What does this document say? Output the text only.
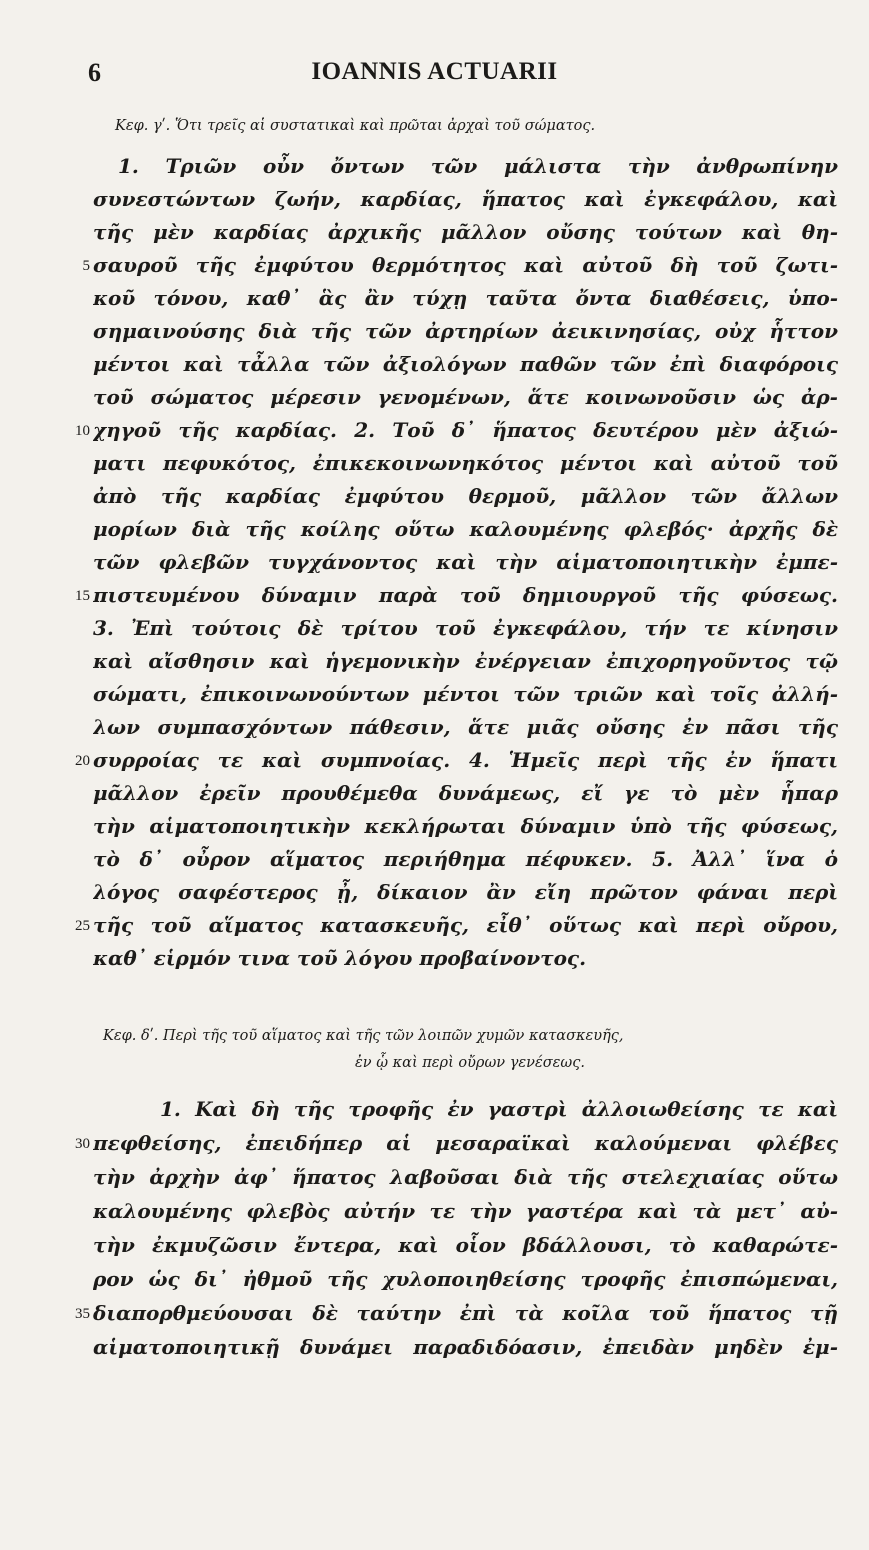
6	IOANNIS ACTUARII
Κεφ. γʹ. Ὅτι τρεῖς αἱ συστατικαὶ καὶ πρῶται ἀρχαὶ τοῦ σώματος.
1. Τριῶν οὖν ὄντων τῶν μάλιστα τὴν ἀνθρωπίνην
συνεστώντων ζωήν, καρδίας, ἥπατος καὶ ἐγκεφάλου, καὶ
τῆς μὲν καρδίας ἀρχικῆς μᾶλλον οὔσης τούτων καὶ θη-
5 σαυροῦ τῆς ἐμφύτου θερμότητος καὶ αὐτοῦ δὴ τοῦ ζωτι-
κοῦ τόνου, καθ᾽ ἃς ἂν τύχῃ ταῦτα ὄντα διαθέσεις, ὑπο-
σημαινούσης διὰ τῆς τῶν ἀρτηρίων ἀεικινησίας, οὐχ ἧττον
μέντοι καὶ τἆλλα τῶν ἀξιολόγων παθῶν τῶν ἐπὶ διαφόροις
τοῦ σώματος μέρεσιν γενομένων, ἅτε κοινωνοῦσιν ὡς ἀρ-
10 χηγοῦ τῆς καρδίας. 2. Τοῦ δ᾽ ἥπατος δευτέρου μὲν ἀξιώ-
ματι πεφυκότος, ἐπικεκοινωνηκότος μέντοι καὶ αὐτοῦ τοῦ
ἀπὸ τῆς καρδίας ἐμφύτου θερμοῦ, μᾶλλον τῶν ἄλλων
μορίων διὰ τῆς κοίλης οὕτω καλουμένης φλεβός· ἀρχῆς δὲ
τῶν φλεβῶν τυγχάνοντος καὶ τὴν αἱματοποιητικὴν ἐμπε-
15 πιστευμένου δύναμιν παρὰ τοῦ δημιουργοῦ τῆς φύσεως.
3. Ἐπὶ τούτοις δὲ τρίτου τοῦ ἐγκεφάλου, τήν τε κίνησιν
καὶ αἴσθησιν καὶ ἡγεμονικὴν ἐνέργειαν ἐπιχορηγοῦντος τῷ
σώματι, ἐπικοινωνούντων μέντοι τῶν τριῶν καὶ τοῖς ἀλλή-
λων συμπασχόντων πάθεσιν, ἅτε μιᾶς οὔσης ἐν πᾶσι τῆς
20 συρροίας τε καὶ συμπνοίας. 4. Ἡμεῖς περὶ τῆς ἐν ἥπατι
μᾶλλον ἐρεῖν προυθέμεθα δυνάμεως, εἴ γε τὸ μὲν ἧπαρ
τὴν αἱματοποιητικὴν κεκλήρωται δύναμιν ὑπὸ τῆς φύσεως,
τὸ δ᾽ οὖρον αἵματος περιήθημα πέφυκεν. 5. Ἀλλ᾽ ἵνα ὁ
λόγος σαφέστερος ᾖ, δίκαιον ἂν εἴη πρῶτον φάναι περὶ
25 τῆς τοῦ αἵματος κατασκευῆς, εἶθ᾽ οὕτως καὶ περὶ οὔρου,
καθ᾽ εἱρμόν τινα τοῦ λόγου προβαίνοντος.
Κεφ. δʹ. Περὶ τῆς τοῦ αἵματος καὶ τῆς τῶν λοιπῶν χυμῶν κατασκευῆς,
ἐν ᾧ καὶ περὶ οὔρων γενέσεως.
1. Καὶ δὴ τῆς τροφῆς ἐν γαστρὶ ἀλλοιωθείσης τε καὶ
30 πεφθείσης, ἐπειδήπερ αἱ μεσαραϊκαὶ καλούμεναι φλέβες
τὴν ἀρχὴν ἀφ᾽ ἥπατος λαβοῦσαι διὰ τῆς στελεχιαίας οὕτω
καλουμένης φλεβὸς αὐτήν τε τὴν γαστέρα καὶ τὰ μετ᾽ αὐ-
τὴν ἐκμυζῶσιν ἔντερα, καὶ οἷον βδάλλουσι, τὸ καθαρώτε-
ρον ὡς δι᾽ ἠθμοῦ τῆς χυλοποιηθείσης τροφῆς ἐπισπώμεναι,
35 διαπορθμεύουσαι δὲ ταύτην ἐπὶ τὰ κοῖλα τοῦ ἥπατος τῇ
αἱματοποιητικῇ δυνάμει παραδιδόασιν, ἐπειδὰν μηδὲν ἐμ-
